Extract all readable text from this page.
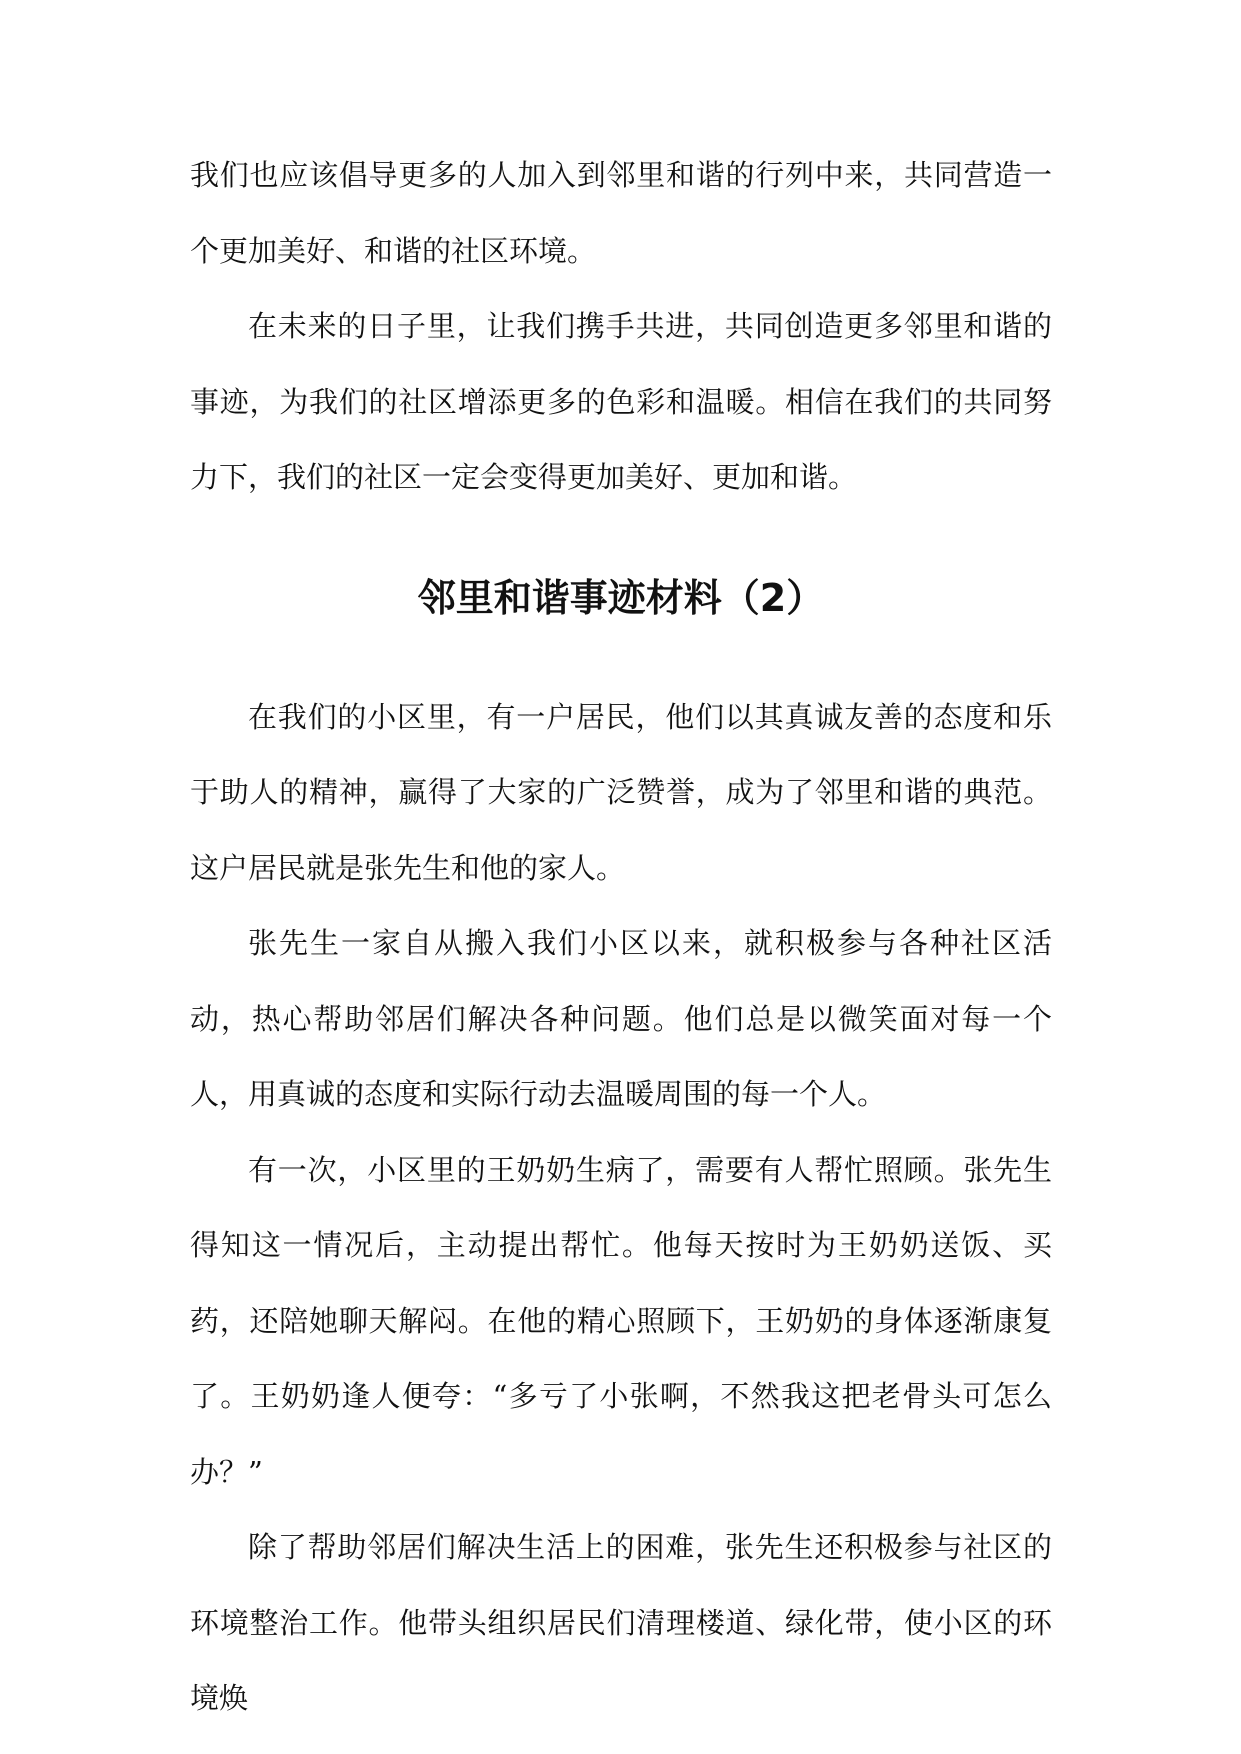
我们也应该倡导更多的人加入到邻里和谐的行列中来，共同营造一个更加美好、和谐的社区环境。

在未来的日子里，让我们携手共进，共同创造更多邻里和谐的事迹，为我们的社区增添更多的色彩和温暖。相信在我们的共同努力下，我们的社区一定会变得更加美好、更加和谐。

邻里和谐事迹材料（2）

在我们的小区里，有一户居民，他们以其真诚友善的态度和乐于助人的精神，赢得了大家的广泛赞誉，成为了邻里和谐的典范。这户居民就是张先生和他的家人。

张先生一家自从搬入我们小区以来，就积极参与各种社区活动，热心帮助邻居们解决各种问题。他们总是以微笑面对每一个人，用真诚的态度和实际行动去温暖周围的每一个人。

有一次，小区里的王奶奶生病了，需要有人帮忙照顾。张先生得知这一情况后，主动提出帮忙。他每天按时为王奶奶送饭、买药，还陪她聊天解闷。在他的精心照顾下，王奶奶的身体逐渐康复了。王奶奶逢人便夸：“多亏了小张啊，不然我这把老骨头可怎么办？”

除了帮助邻居们解决生活上的困难，张先生还积极参与社区的环境整治工作。他带头组织居民们清理楼道、绿化带，使小区的环境焕
